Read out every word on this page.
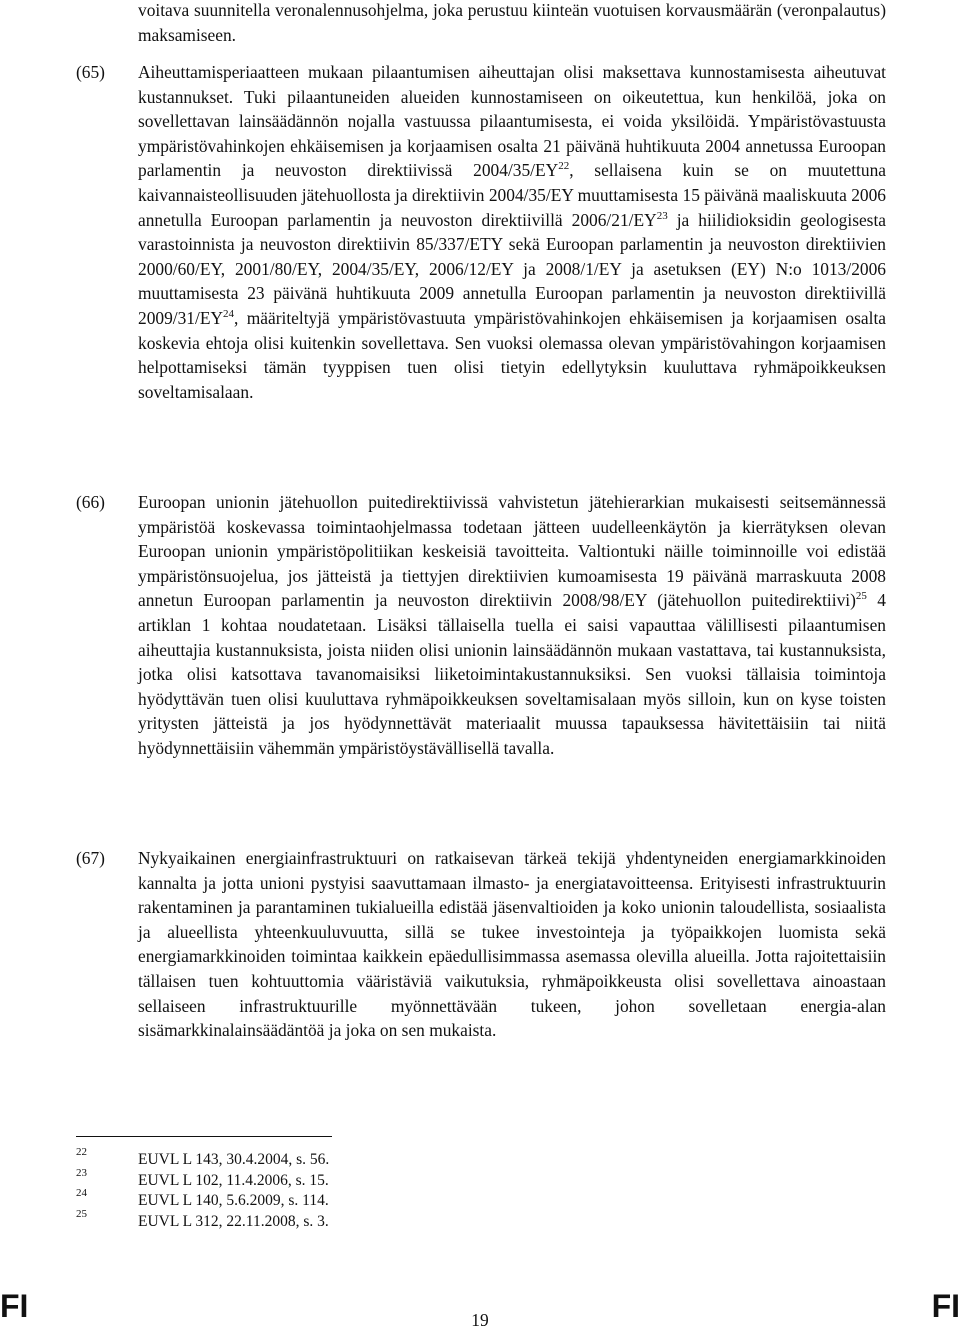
voitava suunnitella veronalennusohjelma, joka perustuu kiinteän vuotuisen korvausmäärän (veronpalautus) maksamiseen.
(65) Aiheuttamisperiaatteen mukaan pilaantumisen aiheuttajan olisi maksettava kunnostamisesta aiheutuvat kustannukset. Tuki pilaantuneiden alueiden kunnostamiseen on oikeutettua, kun henkilöä, joka on sovellettavan lainsäädännön nojalla vastuussa pilaantumisesta, ei voida yksilöidä. Ympäristövastuusta ympäristövahinkojen ehkäisemisen ja korjaamisen osalta 21 päivänä huhtikuuta 2004 annetussa Euroopan parlamentin ja neuvoston direktiivissä 2004/35/EY$^{22}$, sellaisena kuin se on muutettuna kaivannaisteollisuuden jätehuollosta ja direktiivin 2004/35/EY muuttamisesta 15 päivänä maaliskuuta 2006 annetulla Euroopan parlamentin ja neuvoston direktiivillä 2006/21/EY$^{23}$ ja hiilidioksidin geologisesta varastoinnista ja neuvoston direktiivin 85/337/ETY sekä Euroopan parlamentin ja neuvoston direktiivien 2000/60/EY, 2001/80/EY, 2004/35/EY, 2006/12/EY ja 2008/1/EY ja asetuksen (EY) N:o 1013/2006 muuttamisesta 23 päivänä huhtikuuta 2009 annetulla Euroopan parlamentin ja neuvoston direktiivillä 2009/31/EY$^{24}$, määriteltyjä ympäristövastuuta ympäristövahinkojen ehkäisemisen ja korjaamisen osalta koskevia ehtoja olisi kuitenkin sovellettava. Sen vuoksi olemassa olevan ympäristövahingon korjaamisen helpottamiseksi tämän tyyppisen tuen olisi tietyin edellytyksin kuuluttava ryhmäpoikkeuksen soveltamisalaan.
(66) Euroopan unionin jätehuollon puitedirektiivissä vahvistetun jätehierarkian mukaisesti seitsemännessä ympäristöä koskevassa toimintaohjelmassa todetaan jätteen uudelleenkäytön ja kierrätyksen olevan Euroopan unionin ympäristöpolitiikan keskeisiä tavoitteita. Valtiontuki näille toiminnoille voi edistää ympäristönsuojelua, jos jätteistä ja tiettyjen direktiivien kumoamisesta 19 päivänä marraskuuta 2008 annetun Euroopan parlamentin ja neuvoston direktiivin 2008/98/EY (jätehuollon puitedirektiivi)$^{25}$ 4 artiklan 1 kohtaa noudatetaan. Lisäksi tällaisella tuella ei saisi vapauttaa välillisesti pilaantumisen aiheuttajia kustannuksista, joista niiden olisi unionin lainsäädännön mukaan vastattava, tai kustannuksista, jotka olisi katsottava tavanomaisiksi liiketoimintakustannuksiksi. Sen vuoksi tällaisia toimintoja hyödyttävän tuen olisi kuuluttava ryhmäpoikkeuksen soveltamisalaan myös silloin, kun on kyse toisten yritysten jätteistä ja jos hyödynnettävät materiaalit muussa tapauksessa hävitettäisiin tai niitä hyödynnettäisiin vähemmän ympäristöystävällisellä tavalla.
(67) Nykyaikainen energiainfrastruktuuri on ratkaisevan tärkeä tekijä yhdentyneiden energiamarkkinoiden kannalta ja jotta unioni pystyisi saavuttamaan ilmasto- ja energiatavoitteensa. Erityisesti infrastruktuurin rakentaminen ja parantaminen tukialueilla edistää jäsenvaltioiden ja koko unionin taloudellista, sosiaalista ja alueellista yhteenkuuluvuutta, sillä se tukee investointeja ja työpaikkojen luomista sekä energiamarkkinoiden toimintaa kaikkein epäedullisimmassa asemassa olevilla alueilla. Jotta rajoitettaisiin tällaisen tuen kohtuuttomia vääristäviä vaikutuksia, ryhmäpoikkeusta olisi sovellettava ainoastaan sellaiseen infrastruktuurille myönnettävään tukeen, johon sovelletaan energia-alan sisämarkkinalainsäädäntöä ja joka on sen mukaista.
22	EUVL L 143, 30.4.2004, s. 56.
23	EUVL L 102, 11.4.2006, s. 15.
24	EUVL L 140, 5.6.2009, s. 114.
25	EUVL L 312, 22.11.2008, s. 3.
FI	19	FI
